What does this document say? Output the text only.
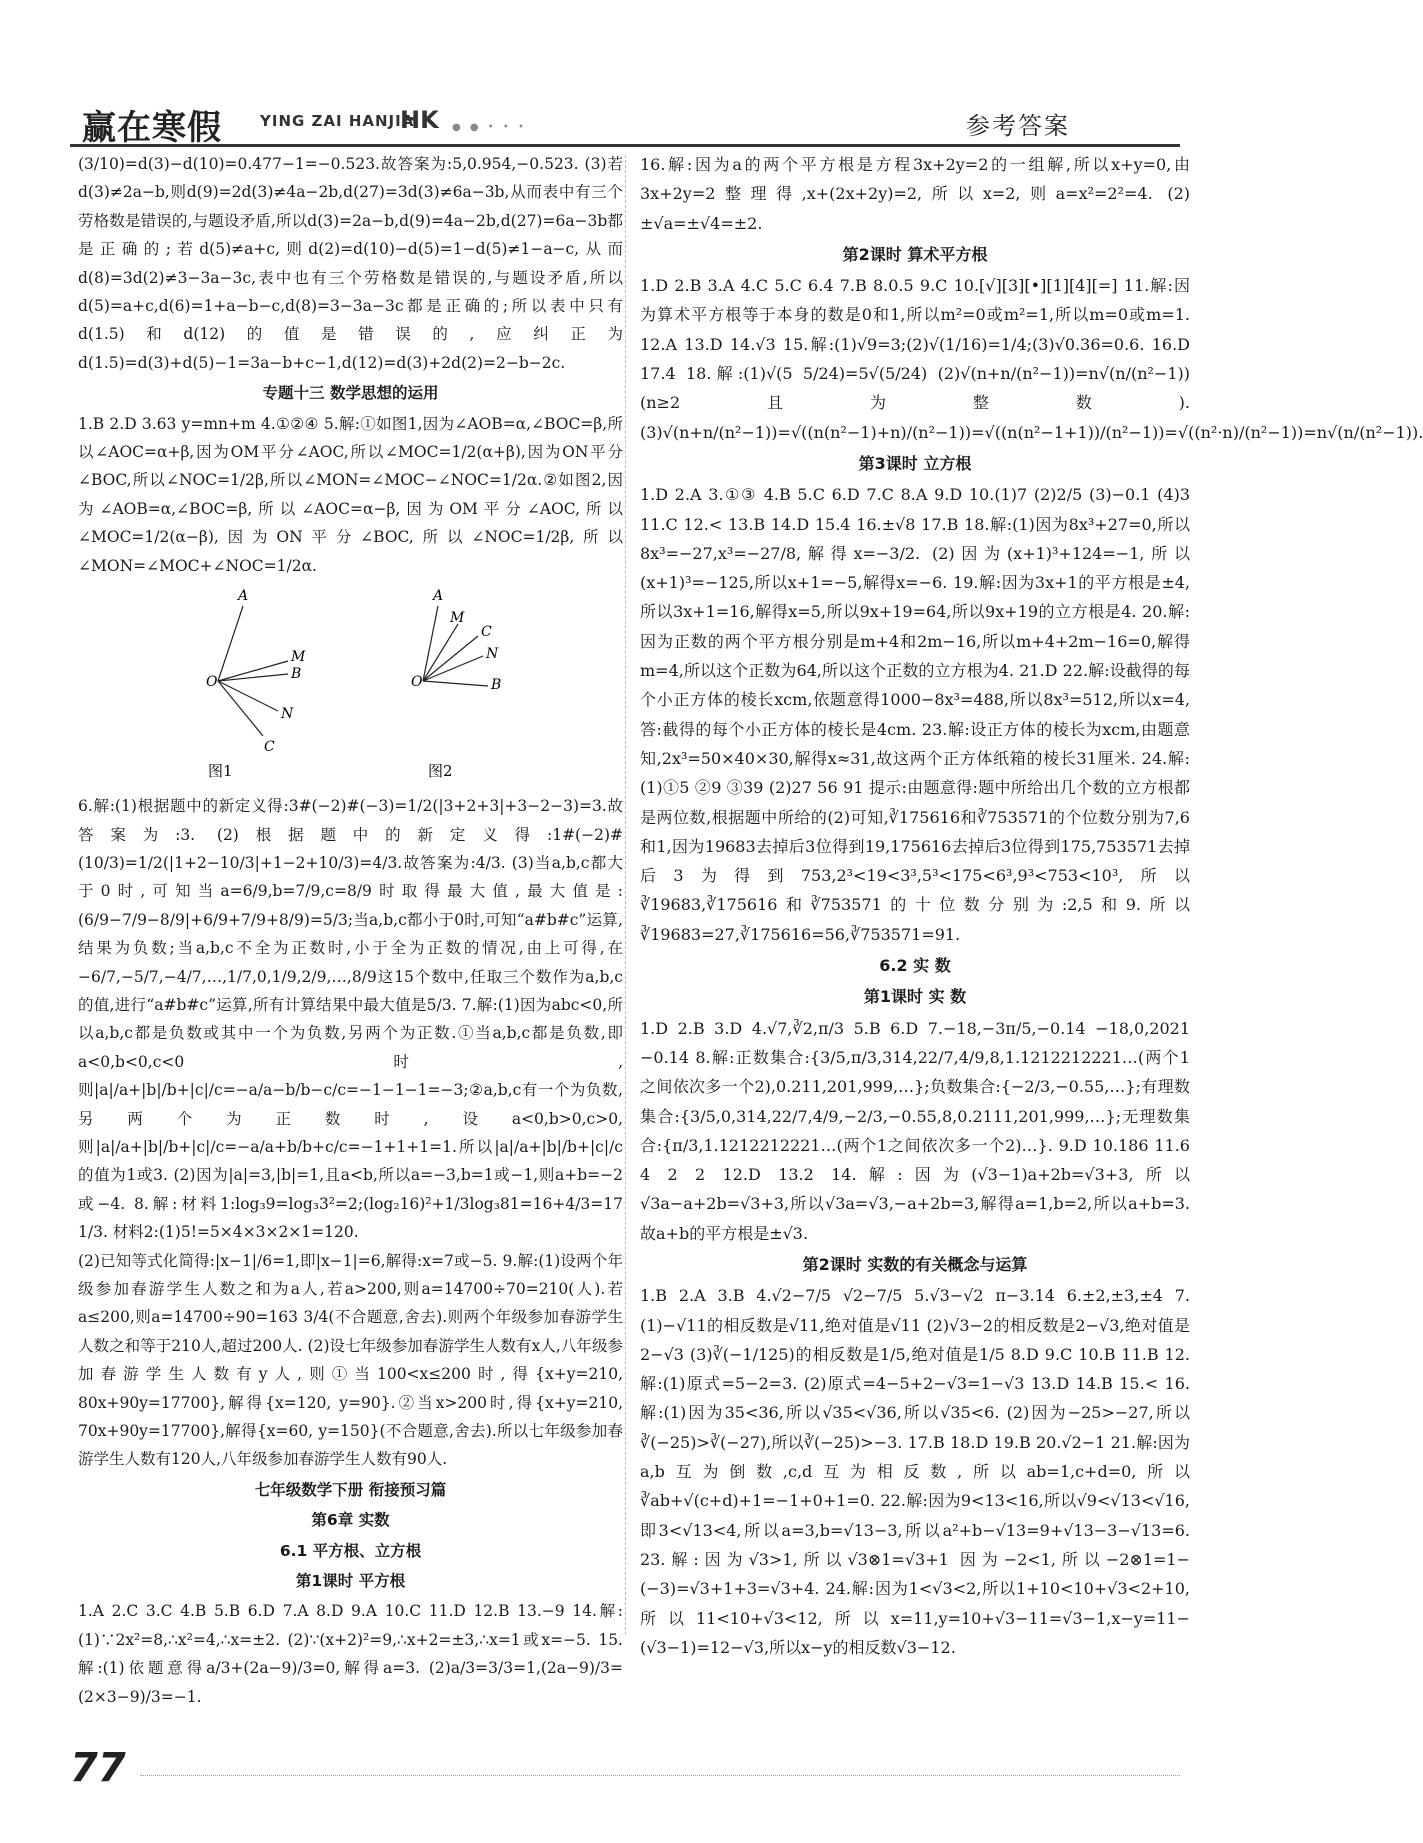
赢在寒假	YING ZAI HANJIA
HK ● ● • • •	参考答案

(3/10)=d(3)−d(10)=0.477−1=−0.523.故答案为:5,0.954,−0.523. (3)若d(3)≠2a−b,则d(9)=2d(3)≠4a−2b,d(27)=3d(3)≠6a−3b,从而表中有三个劳格数是错误的,与题设矛盾,所以d(3)=2a−b,d(9)=4a−2b,d(27)=6a−3b都是正确的;若d(5)≠a+c,则d(2)=d(10)−d(5)=1−d(5)≠1−a−c,从而d(8)=3d(2)≠3−3a−3c,表中也有三个劳格数是错误的,与题设矛盾,所以d(5)=a+c,d(6)=1+a−b−c,d(8)=3−3a−3c都是正确的;所以表中只有d(1.5)和d(12)的值是错误的,应纠正为d(1.5)=d(3)+d(5)−1=3a−b+c−1,d(12)=d(3)+2d(2)=2−b−2c.

专题十三 数学思想的运用

1.B 2.D 3.63 y=mn+m 4.①②④ 5.解:①如图1,因为∠AOB=α,∠BOC=β,所以∠AOC=α+β,因为OM平分∠AOC,所以∠MOC=1/2(α+β),因为ON平分∠BOC,所以∠NOC=1/2β,所以∠MON=∠MOC−∠NOC=1/2α.②如图2,因为∠AOB=α,∠BOC=β,所以∠AOC=α−β,因为OM平分∠AOC,所以∠MOC=1/2(α−β),因为ON平分∠BOC,所以∠NOC=1/2β,所以∠MON=∠MOC+∠NOC=1/2α.

A
M
B
N
C
O
A
M
C
N
B
O
图1	图2

6.解:(1)根据题中的新定义得:3#(−2)#(−3)=1/2(|3+2+3|+3−2−3)=3.故答案为:3. (2)根据题中的新定义得:1#(−2)#(10/3)=1/2(|1+2−10/3|+1−2+10/3)=4/3.故答案为:4/3. (3)当a,b,c都大于0时,可知当a=6/9,b=7/9,c=8/9时取得最大值,最大值是:(6/9−7/9−8/9|+6/9+7/9+8/9)=5/3;当a,b,c都小于0时,可知“a#b#c”运算,结果为负数;当a,b,c不全为正数时,小于全为正数的情况,由上可得,在−6/7,−5/7,−4/7,…,1/7,0,1/9,2/9,…,8/9这15个数中,任取三个数作为a,b,c的值,进行“a#b#c”运算,所有计算结果中最大值是5/3. 7.解:(1)因为abc<0,所以a,b,c都是负数或其中一个为负数,另两个为正数.①当a,b,c都是负数,即a<0,b<0,c<0时,则|a|/a+|b|/b+|c|/c=−a/a−b/b−c/c=−1−1−1=−3;②a,b,c有一个为负数,另两个为正数时,设a<0,b>0,c>0,则|a|/a+|b|/b+|c|/c=−a/a+b/b+c/c=−1+1+1=1.所以|a|/a+|b|/b+|c|/c的值为1或3. (2)因为|a|=3,|b|=1,且a<b,所以a=−3,b=1或−1,则a+b=−2或−4. 8.解:材料1:log₃9=log₃3²=2;(log₂16)²+1/3log₃81=16+4/3=17 1/3. 材料2:(1)5!=5×4×3×2×1=120.

(2)已知等式化简得:|x−1|/6=1,即|x−1|=6,解得:x=7或−5. 9.解:(1)设两个年级参加春游学生人数之和为a人,若a>200,则a=14700÷70=210(人).若a≤200,则a=14700÷90=163 3/4(不合题意,舍去).则两个年级参加春游学生人数之和等于210人,超过200人. (2)设七年级参加春游学生人数有x人,八年级参加春游学生人数有y人,则①当100<x≤200时,得{x+y=210, 80x+90y=17700},解得{x=120, y=90}.②当x>200时,得{x+y=210, 70x+90y=17700},解得{x=60, y=150}(不合题意,舍去).所以七年级参加春游学生人数有120人,八年级参加春游学生人数有90人.

七年级数学下册 衔接预习篇
第6章 实数
6.1 平方根、立方根
第1课时 平方根

1.A 2.C 3.C 4.B 5.B 6.D 7.A 8.D 9.A 10.C 11.D 12.B 13.−9 14.解:(1)∵2x²=8,∴x²=4,∴x=±2. (2)∵(x+2)²=9,∴x+2=±3,∴x=1或x=−5. 15.解:(1)依题意得a/3+(2a−9)/3=0,解得a=3. (2)a/3=3/3=1,(2a−9)/3=(2×3−9)/3=−1.

16.解:因为a的两个平方根是方程3x+2y=2的一组解,所以x+y=0,由3x+2y=2整理得,x+(2x+2y)=2,所以x=2,则a=x²=2²=4. (2)±√a=±√4=±2.

第2课时 算术平方根

1.D 2.B 3.A 4.C 5.C 6.4 7.B 8.0.5 9.C 10.[√][3][•][1][4][=] 11.解:因为算术平方根等于本身的数是0和1,所以m²=0或m²=1,所以m=0或m=1. 12.A 13.D 14.√3 15.解:(1)√9=3;(2)√(1/16)=1/4;(3)√0.36=0.6. 16.D 17.4 18.解:(1)√(5 5/24)=5√(5/24) (2)√(n+n/(n²−1))=n√(n/(n²−1))(n≥2且为整数). (3)√(n+n/(n²−1))=√((n(n²−1)+n)/(n²−1))=√((n(n²−1+1))/(n²−1))=√((n²·n)/(n²−1))=n√(n/(n²−1)).

第3课时 立方根

1.D 2.A 3.①③ 4.B 5.C 6.D 7.C 8.A 9.D 10.(1)7 (2)2/5 (3)−0.1 (4)3 11.C 12.< 13.B 14.D 15.4 16.±√8 17.B 18.解:(1)因为8x³+27=0,所以8x³=−27,x³=−27/8,解得x=−3/2. (2)因为(x+1)³+124=−1,所以(x+1)³=−125,所以x+1=−5,解得x=−6. 19.解:因为3x+1的平方根是±4,所以3x+1=16,解得x=5,所以9x+19=64,所以9x+19的立方根是4. 20.解:因为正数的两个平方根分别是m+4和2m−16,所以m+4+2m−16=0,解得m=4,所以这个正数为64,所以这个正数的立方根为4. 21.D 22.解:设截得的每个小正方体的棱长xcm,依题意得1000−8x³=488,所以8x³=512,所以x=4,答:截得的每个小正方体的棱长是4cm. 23.解:设正方体的棱长为xcm,由题意知,2x³=50×40×30,解得x≈31,故这两个正方体纸箱的棱长31厘米. 24.解:(1)①5 ②9 ③39 (2)27 56 91 提示:由题意得:题中所给出几个数的立方根都是两位数,根据题中所给的(2)可知,∛175616和∛753571的个位数分别为7,6和1,因为19683去掉后3位得到19,175616去掉后3位得到175,753571去掉后3为得到753,2³<19<3³,5³<175<6³,9³<753<10³,所以∛19683,∛175616和∛753571的十位数分别为:2,5和9.所以∛19683=27,∛175616=56,∛753571=91.

6.2 实 数
第1课时 实 数

1.D 2.B 3.D 4.√7,∛2,π/3 5.B 6.D 7.−18,−3π/5,−0.14 −18,0,2021 −0.14 8.解:正数集合:{3/5,π/3,314,22/7,4/9,8,1.1212212221…(两个1之间依次多一个2),0.211,201,999,…};负数集合:{−2/3,−0.55,…};有理数集合:{3/5,0,314,22/7,4/9,−2/3,−0.55,8,0.2111,201,999,…};无理数集合:{π/3,1.1212212221…(两个1之间依次多一个2)…}. 9.D 10.186 11.6 4 2 2 12.D 13.2 14.解:因为(√3−1)a+2b=√3+3,所以√3a−a+2b=√3+3,所以√3a=√3,−a+2b=3,解得a=1,b=2,所以a+b=3.故a+b的平方根是±√3.

第2课时 实数的有关概念与运算

1.B 2.A 3.B 4.√2−7/5 √2−7/5 5.√3−√2 π−3.14 6.±2,±3,±4 7.(1)−√11的相反数是√11,绝对值是√11 (2)√3−2的相反数是2−√3,绝对值是2−√3 (3)∛(−1/125)的相反数是1/5,绝对值是1/5 8.D 9.C 10.B 11.B 12.解:(1)原式=5−2=3. (2)原式=4−5+2−√3=1−√3 13.D 14.B 15.< 16.解:(1)因为35<36,所以√35<√36,所以√35<6. (2)因为−25>−27,所以∛(−25)>∛(−27),所以∛(−25)>−3. 17.B 18.D 19.B 20.√2−1 21.解:因为a,b互为倒数,c,d互为相反数,所以ab=1,c+d=0,所以∛ab+√(c+d)+1=−1+0+1=0. 22.解:因为9<13<16,所以√9<√13<√16,即3<√13<4,所以a=3,b=√13−3,所以a²+b−√13=9+√13−3−√13=6. 23.解:因为√3>1,所以√3⊗1=√3+1 因为−2<1,所以−2⊗1=1−(−3)=√3+1+3=√3+4. 24.解:因为1<√3<2,所以1+10<10+√3<2+10,所以11<10+√3<12,所以x=11,y=10+√3−11=√3−1,x−y=11−(√3−1)=12−√3,所以x−y的相反数√3−12.

77
